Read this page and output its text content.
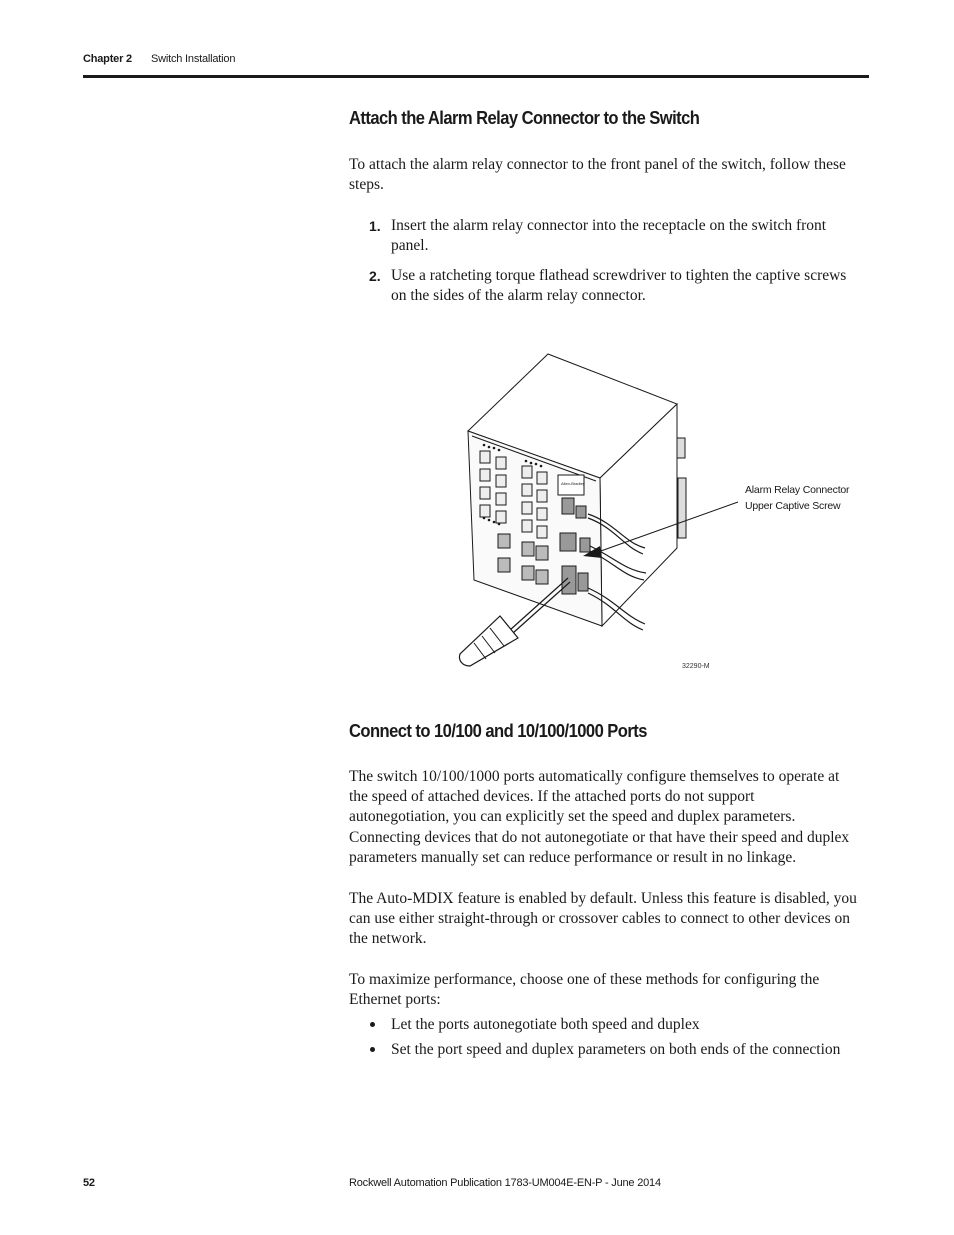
Chapter 2 Switch Installation
Attach the Alarm Relay Connector to the Switch
To attach the alarm relay connector to the front panel of the switch, follow these
steps.
1. Insert the alarm relay connector into the receptacle on the switch front
panel.
2. Use a ratcheting torque flathead screwdriver to tighten the captive screws
on the sides of the alarm relay connector.
Allen-Bradley
Alarm Relay Connector
Upper Captive Screw
32290-M
Connect to 10/100 and 10/100/1000 Ports
The switch 10/100/1000 ports automatically configure themselves to operate at
the speed of attached devices. If the attached ports do not support
autonegotiation, you can explicitly set the speed and duplex parameters.
Connecting devices that do not autonegotiate or that have their speed and duplex
parameters manually set can reduce performance or result in no linkage.
The Auto-MDIX feature is enabled by default. Unless this feature is disabled, you
can use either straight-through or crossover cables to connect to other devices on
the network.
To maximize performance, choose one of these methods for configuring the
Ethernet ports:
Let the ports autonegotiate both speed and duplex
Set the port speed and duplex parameters on both ends of the connection
52	Rockwell Automation Publication 1783-UM004E-EN-P - June 2014
